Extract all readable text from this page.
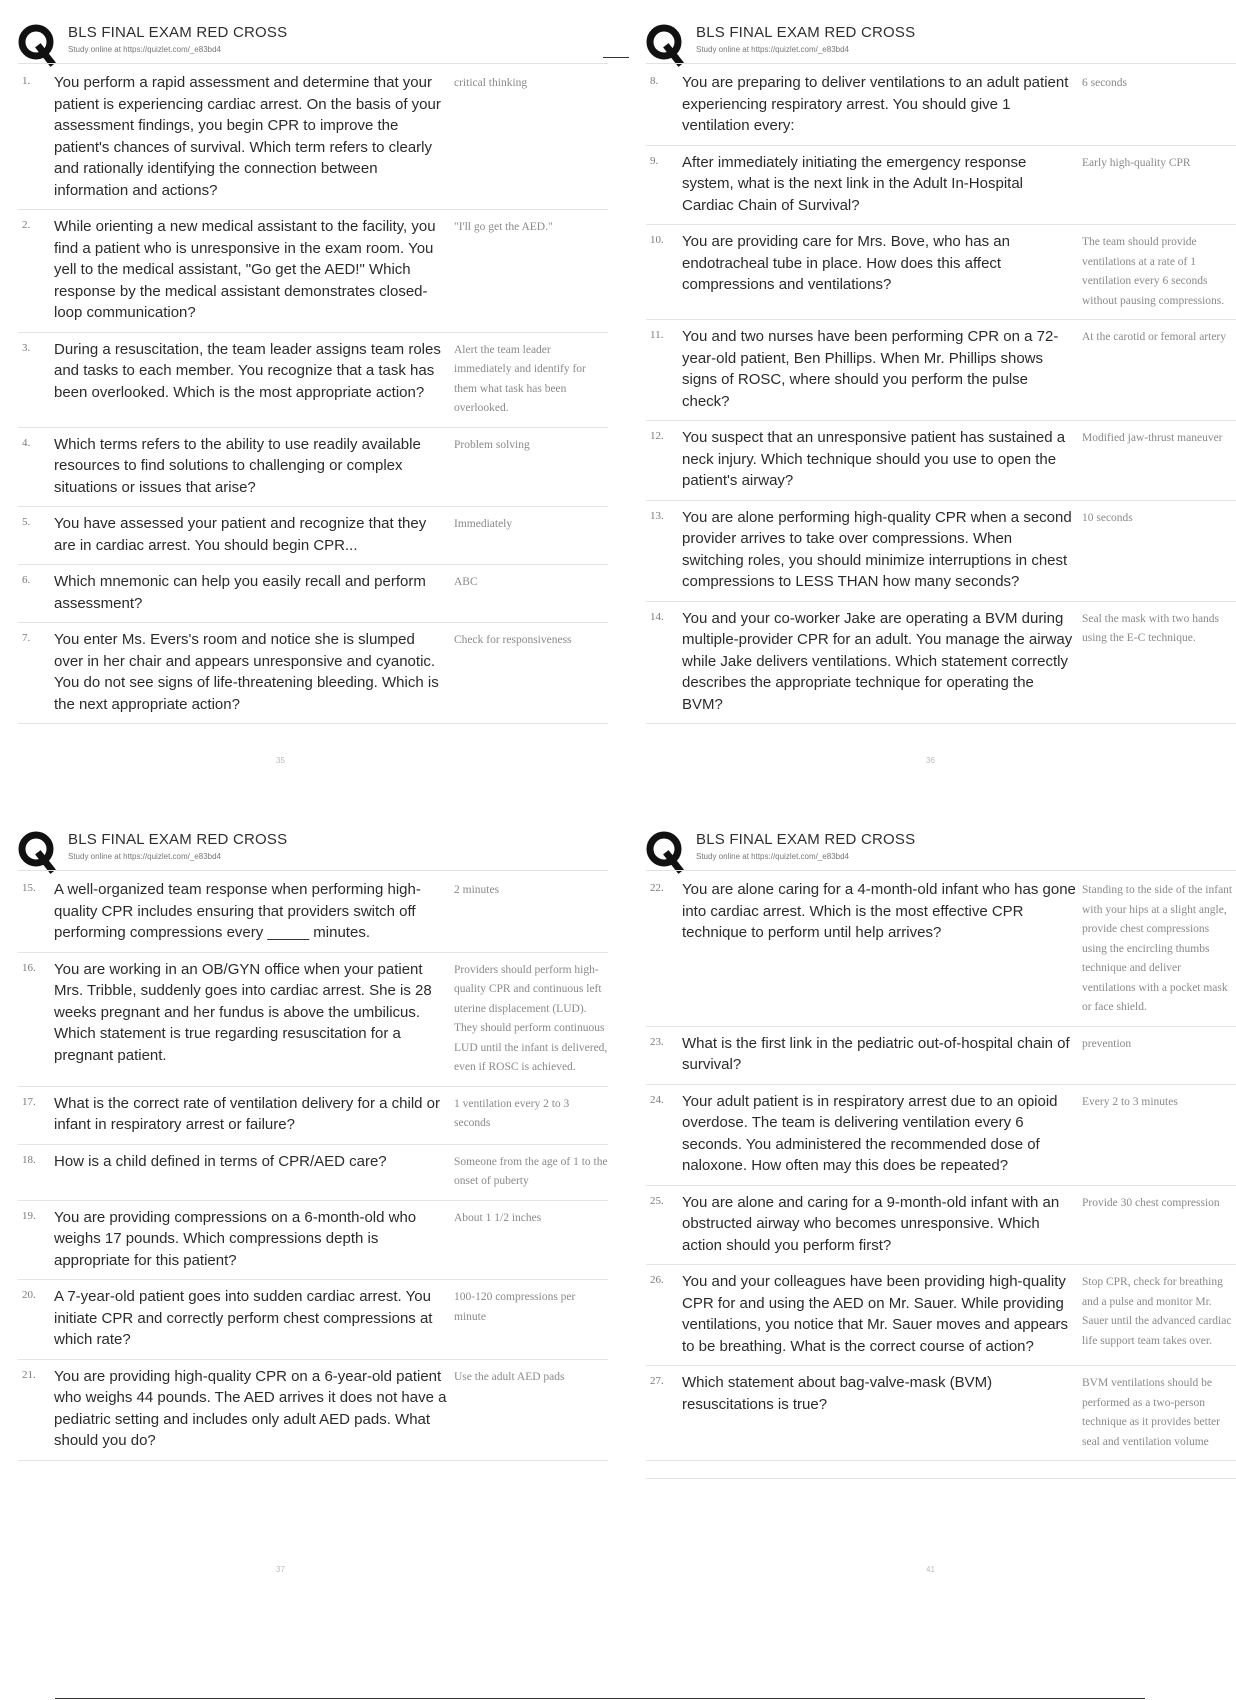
BLS FINAL EXAM RED CROSS
Study online at https://quizlet.com/_e83bd4
1.	You perform a rapid assessment and determine that your patient is experiencing cardiac arrest. On the basis of your assessment findings, you begin CPR to improve the patient's chances of survival. Which term refers to clearly and rationally identifying the connection between information and actions?
critical thinking
2.	While orienting a new medical assistant to the facility, you find a patient who is unresponsive in the exam room. You yell to the medical assistant, "Go get the AED!" Which response by the medical assistant demonstrates closed-loop communication?
"I'll go get the AED."
3.	During a resuscitation, the team leader assigns team roles and tasks to each member. You recognize that a task has been overlooked. Which is the most appropriate action?
Alert the team leader immediately and identify for them what task has been overlooked.
4.	Which terms refers to the ability to use readily available resources to find solutions to challenging or complex situations or issues that arise?
Problem solving
5.	You have assessed your patient and recognize that they are in cardiac arrest. You should begin CPR...
Immediately
6.	Which mnemonic can help you easily recall and perform assessment?
ABC
7.	You enter Ms. Evers's room and notice she is slumped over in her chair and appears unresponsive and cyanotic. You do not see signs of life-threatening bleeding. Which is the next appropriate action?
Check for responsiveness
35
BLS FINAL EXAM RED CROSS
Study online at https://quizlet.com/_e83bd4
8.	You are preparing to deliver ventilations to an adult patient experiencing respiratory arrest. You should give 1 ventilation every:
6 seconds
9.	After immediately initiating the emergency response system, what is the next link in the Adult In-Hospital Cardiac Chain of Survival?
Early high-quality CPR
10.	You are providing care for Mrs. Bove, who has an endotracheal tube in place. How does this affect compressions and ventilations?
The team should provide ventilations at a rate of 1 ventilation every 6 seconds without pausing compressions.
11.	You and two nurses have been performing CPR on a 72-year-old patient, Ben Phillips. When Mr. Phillips shows signs of ROSC, where should you perform the pulse check?
At the carotid or femoral artery
12.	You suspect that an unresponsive patient has sustained a neck injury. Which technique should you use to open the patient's airway?
Modified jaw-thrust maneuver
13.	You are alone performing high-quality CPR when a second provider arrives to take over compressions. When switching roles, you should minimize interruptions in chest compressions to LESS THAN how many seconds?
10 seconds
14.	You and your co-worker Jake are operating a BVM during multiple-provider CPR for an adult. You manage the airway while Jake delivers ventilations. Which statement correctly describes the appropriate technique for operating the BVM?
Seal the mask with two hands using the E-C technique.
36
BLS FINAL EXAM RED CROSS
Study online at https://quizlet.com/_e83bd4
15.	A well-organized team response when performing high-quality CPR includes ensuring that providers switch off performing compressions every _____ minutes.
2 minutes
16.	You are working in an OB/GYN office when your patient Mrs. Tribble, suddenly goes into cardiac arrest. She is 28 weeks pregnant and her fundus is above the umbilicus. Which statement is true regarding resuscitation for a pregnant patient.
Providers should perform high-quality CPR and continuous left uterine displacement (LUD). They should perform continuous LUD until the infant is delivered, even if ROSC is achieved.
17.	What is the correct rate of ventilation delivery for a child or infant in respiratory arrest or failure?
1 ventilation every 2 to 3 seconds
18.	How is a child defined in terms of CPR/AED care?	Someone from the age of 1 to the onset of puberty
19.	You are providing compressions on a 6-month-old who weighs 17 pounds. Which compressions depth is appropriate for this patient?
About 1 1/2 inches
20.	A 7-year-old patient goes into sudden cardiac arrest. You initiate CPR and correctly perform chest compressions at which rate?
100-120 compressions per minute
21.	You are providing high-quality CPR on a 6-year-old patient who weighs 44 pounds. The AED arrives it does not have a pediatric setting and includes only adult AED pads. What should you do?
Use the adult AED pads
37
BLS FINAL EXAM RED CROSS
Study online at https://quizlet.com/_e83bd4
22.	You are alone caring for a 4-month-old infant who has gone into cardiac arrest. Which is the most effective CPR technique to perform until help arrives?
Standing to the side of the infant with your hips at a slight angle, provide chest compressions using the encircling thumbs technique and deliver ventilations with a pocket mask or face shield.
23.	What is the first link in the pediatric out-of-hospital chain of survival?
prevention
24.	Your adult patient is in respiratory arrest due to an opioid overdose. The team is delivering ventilation every 6 seconds. You administered the recommended dose of naloxone. How often may this does be repeated?
Every 2 to 3 minutes
25.	You are alone and caring for a 9-month-old infant with an obstructed airway who becomes unresponsive. Which action should you perform first?
Provide 30 chest compression
26.	You and your colleagues have been providing high-quality CPR for and using the AED on Mr. Sauer. While providing ventilations, you notice that Mr. Sauer moves and appears to be breathing. What is the correct course of action?
Stop CPR, check for breathing and a pulse and monitor Mr. Sauer until the advanced cardiac life support team takes over.
27.	Which statement about bag-valve-mask (BVM) resuscitations is true?
BVM ventilations should be performed as a two-person technique as it provides better seal and ventilation volume
41
